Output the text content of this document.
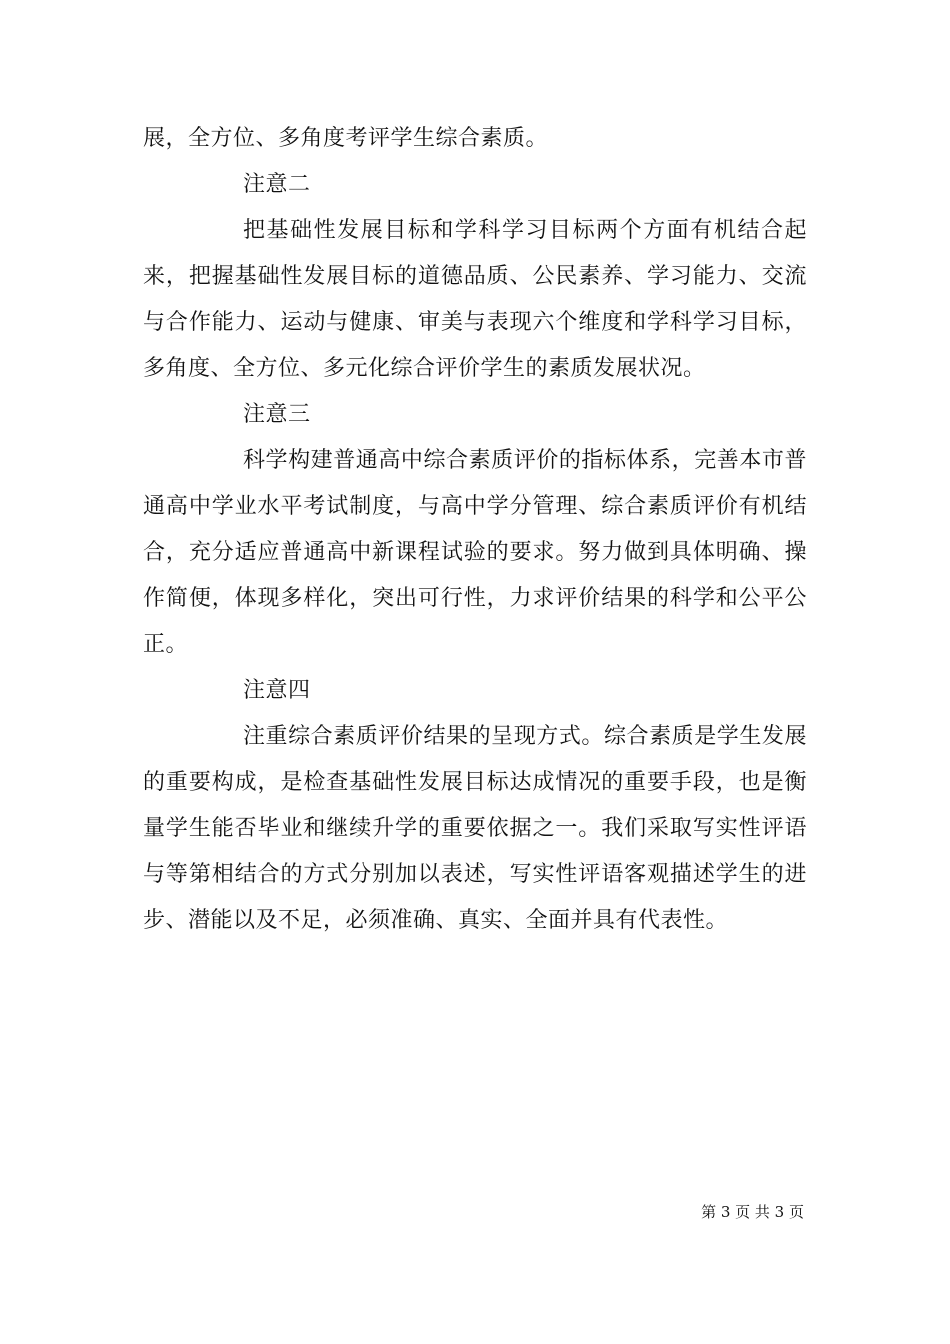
展，全方位、多角度考评学生综合素质。

注意二

把基础性发展目标和学科学习目标两个方面有机结合起来，把握基础性发展目标的道德品质、公民素养、学习能力、交流与合作能力、运动与健康、审美与表现六个维度和学科学习目标，多角度、全方位、多元化综合评价学生的素质发展状况。

注意三

科学构建普通高中综合素质评价的指标体系，完善本市普通高中学业水平考试制度，与高中学分管理、综合素质评价有机结合，充分适应普通高中新课程试验的要求。努力做到具体明确、操作简便，体现多样化，突出可行性，力求评价结果的科学和公平公正。

注意四

注重综合素质评价结果的呈现方式。综合素质是学生发展的重要构成，是检查基础性发展目标达成情况的重要手段，也是衡量学生能否毕业和继续升学的重要依据之一。我们采取写实性评语与等第相结合的方式分别加以表述，写实性评语客观描述学生的进步、潜能以及不足，必须准确、真实、全面并具有代表性。

第 3 页 共 3 页
